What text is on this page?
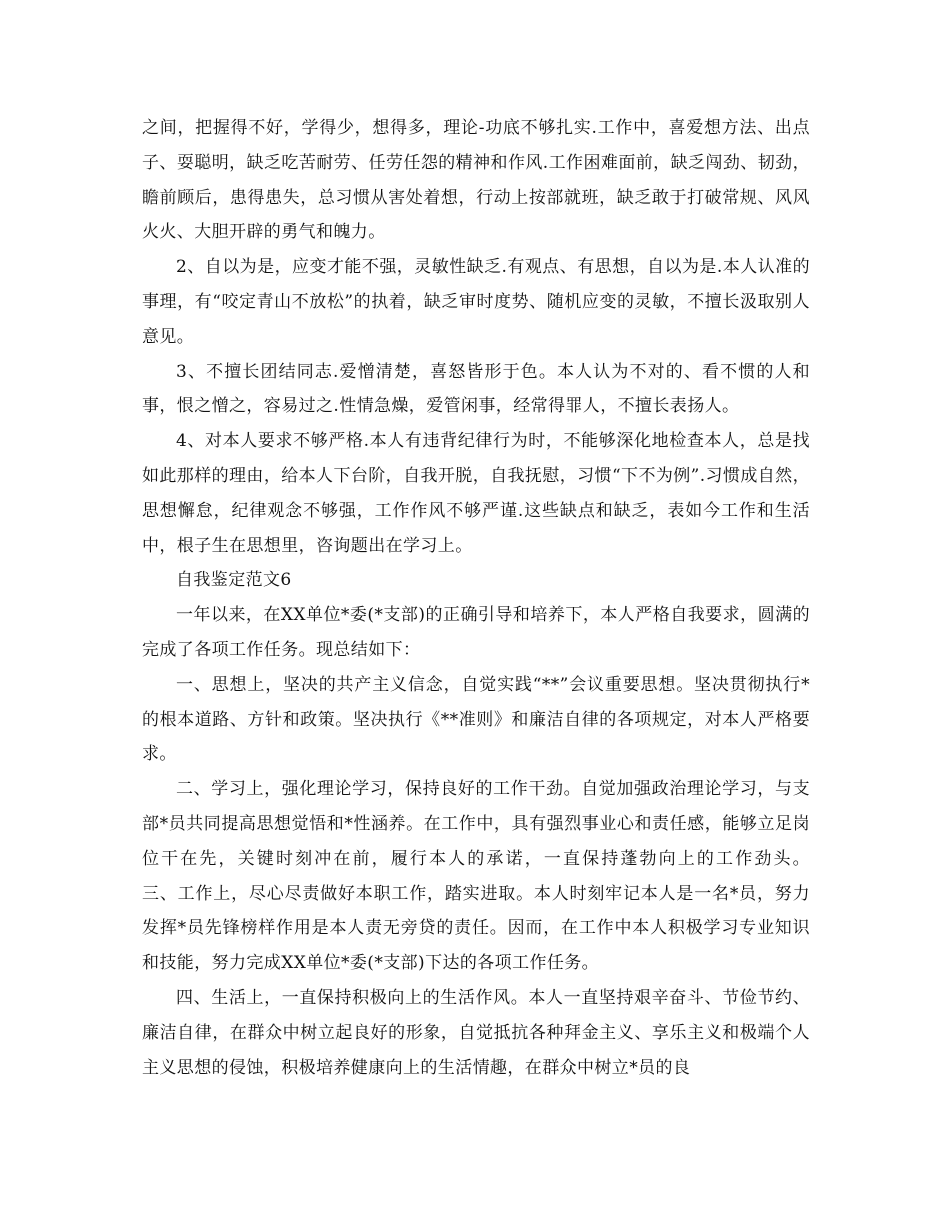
之间，把握得不好，学得少，想得多，理论-功底不够扎实.工作中，喜爱想方法、出点子、耍聪明，缺乏吃苦耐劳、任劳任怨的精神和作风.工作困难面前，缺乏闯劲、韧劲，瞻前顾后，患得患失，总习惯从害处着想，行动上按部就班，缺乏敢于打破常规、风风火火、大胆开辟的勇气和魄力。

2、自以为是，应变才能不强，灵敏性缺乏.有观点、有思想，自以为是.本人认准的事理，有“咬定青山不放松”的执着，缺乏审时度势、随机应变的灵敏，不擅长汲取别人意见。

3、不擅长团结同志.爱憎清楚，喜怒皆形于色。本人认为不对的、看不惯的人和事，恨之憎之，容易过之.性情急燥，爱管闲事，经常得罪人，不擅长表扬人。

4、对本人要求不够严格.本人有违背纪律行为时，不能够深化地检查本人，总是找如此那样的理由，给本人下台阶，自我开脱，自我抚慰，习惯“下不为例”.习惯成自然，思想懈怠，纪律观念不够强，工作作风不够严谨.这些缺点和缺乏，表如今工作和生活中，根子生在思想里，咨询题出在学习上。

自我鉴定范文6

一年以来，在XX单位*委(*支部)的正确引导和培养下，本人严格自我要求，圆满的完成了各项工作任务。现总结如下：

一、思想上，坚决的共产主义信念，自觉实践“**”会议重要思想。坚决贯彻执行*的根本道路、方针和政策。坚决执行《**准则》和廉洁自律的各项规定，对本人严格要求。

二、学习上，强化理论学习，保持良好的工作干劲。自觉加强政治理论学习，与支部*员共同提高思想觉悟和*性涵养。在工作中，具有强烈事业心和责任感，能够立足岗位干在先，关键时刻冲在前，履行本人的承诺，一直保持蓬勃向上的工作劲头。          三、工作上，尽心尽责做好本职工作，踏实进取。本人时刻牢记本人是一名*员，努力发挥*员先锋榜样作用是本人责无旁贷的责任。因而，在工作中本人积极学习专业知识和技能，努力完成XX单位*委(*支部)下达的各项工作任务。

四、生活上，一直保持积极向上的生活作风。本人一直坚持艰辛奋斗、节俭节约、廉洁自律，在群众中树立起良好的形象，自觉抵抗各种拜金主义、享乐主义和极端个人主义思想的侵蚀，积极培养健康向上的生活情趣，在群众中树立*员的良
